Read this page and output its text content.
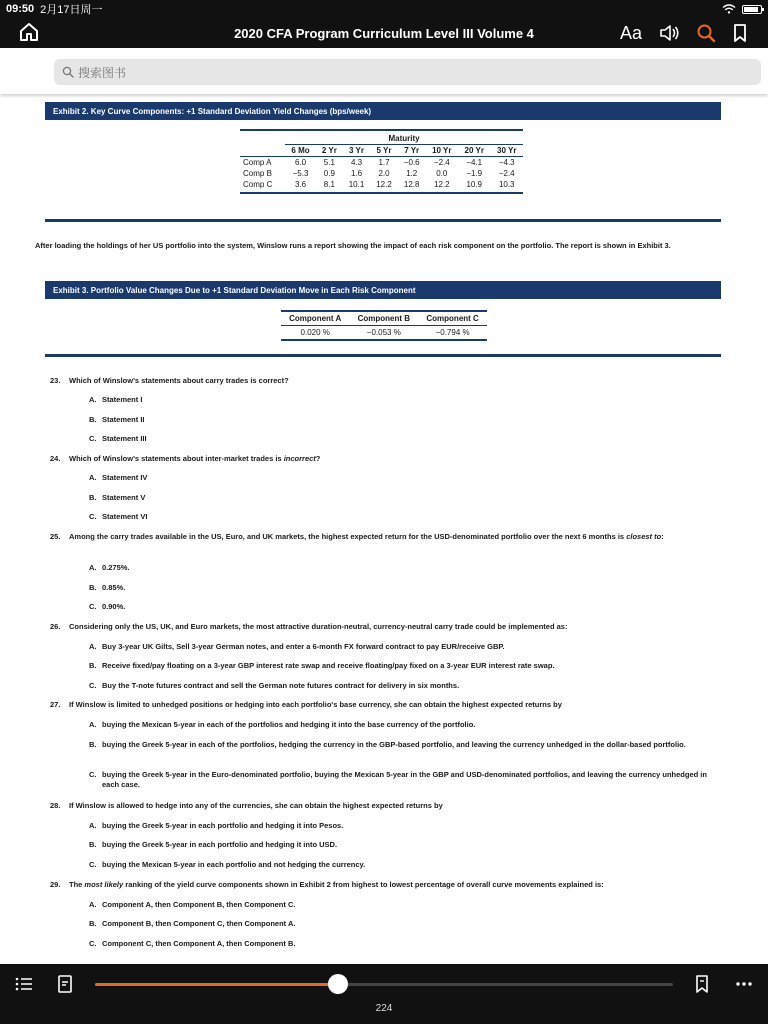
09:50 2月17日周一
2020 CFA Program Curriculum Level III Volume 4	Aa
搜索图书
Exhibit 2. Key Curve Components: +1 Standard Deviation Yield Changes (bps/week)
	Maturity							
	6 Mo	2 Yr	3 Yr	5 Yr	7 Yr	10 Yr	20 Yr	30 Yr
Comp A	6.0	5.1	4.3	1.7	−0.6	−2.4	−4.1	−4.3
Comp B	−5.3	0.9	1.6	2.0	1.2	0.0	−1.9	−2.4
Comp C	3.6	8.1	10.1	12.2	12.8	12.2	10.9	10.3
After loading the holdings of her US portfolio into the system, Winslow runs a report showing the impact of each risk component on the portfolio. The report is shown in Exhibit 3.
Exhibit 3. Portfolio Value Changes Due to +1 Standard Deviation Move in Each Risk Component
Component A	Component B	Component C
0.020 %	−0.053 %	−0.794 %
23. Which of Winslow's statements about carry trades is correct?
A. Statement I
B. Statement II
C. Statement III
24. Which of Winslow's statements about inter-market trades is incorrect?
A. Statement IV
B. Statement V
C. Statement VI
25. Among the carry trades available in the US, Euro, and UK markets, the highest expected return for the USD-denominated portfolio over the next 6 months is closest to:
A. 0.275%.
B. 0.85%.
C. 0.90%.
26. Considering only the US, UK, and Euro markets, the most attractive duration-neutral, currency-neutral carry trade could be implemented as:
A. Buy 3-year UK Gilts, Sell 3-year German notes, and enter a 6-month FX forward contract to pay EUR/receive GBP.
B. Receive fixed/pay floating on a 3-year GBP interest rate swap and receive floating/pay fixed on a 3-year EUR interest rate swap.
C. Buy the T-note futures contract and sell the German note futures contract for delivery in six months.
27. If Winslow is limited to unhedged positions or hedging into each portfolio's base currency, she can obtain the highest expected returns by
A. buying the Mexican 5-year in each of the portfolios and hedging it into the base currency of the portfolio.
B. buying the Greek 5-year in each of the portfolios, hedging the currency in the GBP-based portfolio, and leaving the currency unhedged in the dollar-based portfolio.
C. buying the Greek 5-year in the Euro-denominated portfolio, buying the Mexican 5-year in the GBP and USD-denominated portfolios, and leaving the currency unhedged in each case.
28. If Winslow is allowed to hedge into any of the currencies, she can obtain the highest expected returns by
A. buying the Greek 5-year in each portfolio and hedging it into Pesos.
B. buying the Greek 5-year in each portfolio and hedging it into USD.
C. buying the Mexican 5-year in each portfolio and not hedging the currency.
29. The most likely ranking of the yield curve components shown in Exhibit 2 from highest to lowest percentage of overall curve movements explained is:
A. Component A, then Component B, then Component C.
B. Component B, then Component C, then Component A.
C. Component C, then Component A, then Component B.
224
